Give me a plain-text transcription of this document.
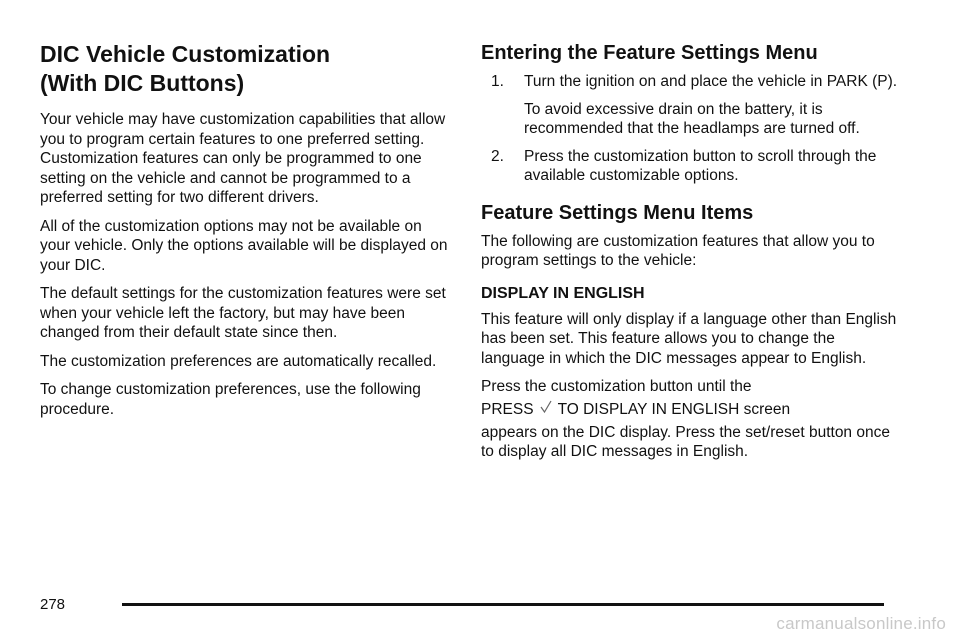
DIC Vehicle Customization
(With DIC Buttons)

Your vehicle may have customization capabilities that allow you to program certain features to one preferred setting. Customization features can only be programmed to one setting on the vehicle and cannot be programmed to a preferred setting for two different drivers.

All of the customization options may not be available on your vehicle. Only the options available will be displayed on your DIC.

The default settings for the customization features were set when your vehicle left the factory, but may have been changed from their default state since then.

The customization preferences are automatically recalled.

To change customization preferences, use the following procedure.

Entering the Feature Settings Menu
1.	Turn the ignition on and place the vehicle in PARK (P).
To avoid excessive drain on the battery, it is recommended that the headlamps are turned off.
2.	Press the customization button to scroll through the available customizable options.
Feature Settings Menu Items

The following are customization features that allow you to program settings to the vehicle:

DISPLAY IN ENGLISH

This feature will only display if a language other than English has been set. This feature allows you to change the language in which the DIC messages appear to English.

Press the customization button until the

PRESS TO DISPLAY IN ENGLISH screen

appears on the DIC display. Press the set/reset button once to display all DIC messages in English.

278
carmanualsonline.info
